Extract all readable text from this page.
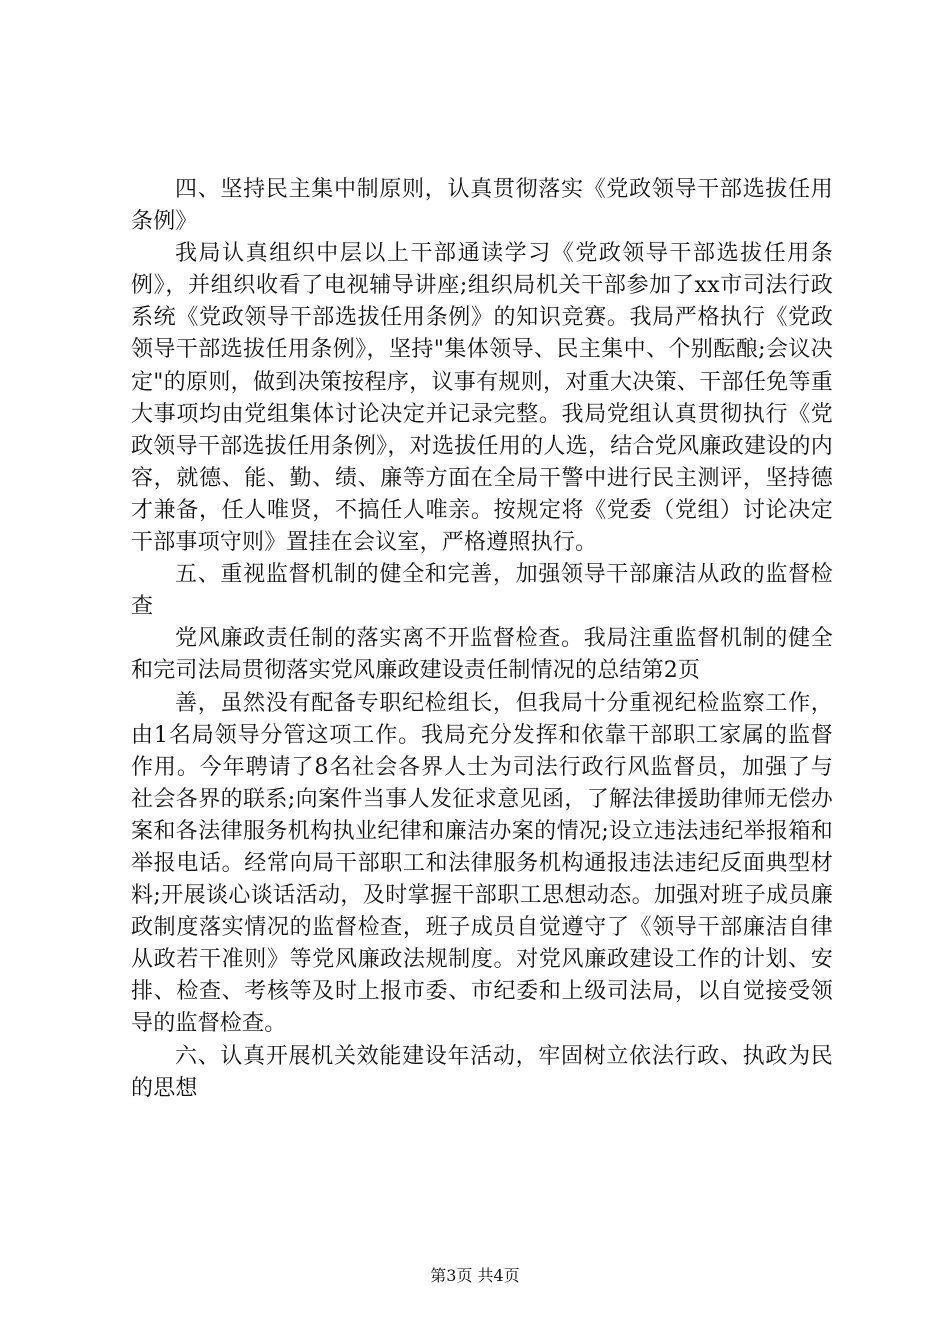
四、坚持民主集中制原则，认真贯彻落实《党政领导干部选拔任用条例》

我局认真组织中层以上干部通读学习《党政领导干部选拔任用条例》，并组织收看了电视辅导讲座;组织局机关干部参加了xx市司法行政系统《党政领导干部选拔任用条例》的知识竞赛。我局严格执行《党政领导干部选拔任用条例》，坚持"集体领导、民主集中、个别酝酿;会议决定"的原则，做到决策按程序，议事有规则，对重大决策、干部任免等重大事项均由党组集体讨论决定并记录完整。我局党组认真贯彻执行《党政领导干部选拔任用条例》，对选拔任用的人选，结合党风廉政建设的内容，就德、能、勤、绩、廉等方面在全局干警中进行民主测评，坚持德才兼备，任人唯贤，不搞任人唯亲。按规定将《党委（党组）讨论决定干部事项守则》置挂在会议室，严格遵照执行。

五、重视监督机制的健全和完善，加强领导干部廉洁从政的监督检查

党风廉政责任制的落实离不开监督检查。我局注重监督机制的健全和完司法局贯彻落实党风廉政建设责任制情况的总结第2页

善，虽然没有配备专职纪检组长，但我局十分重视纪检监察工作，由1名局领导分管这项工作。我局充分发挥和依靠干部职工家属的监督作用。今年聘请了8名社会各界人士为司法行政行风监督员，加强了与社会各界的联系;向案件当事人发征求意见函，了解法律援助律师无偿办案和各法律服务机构执业纪律和廉洁办案的情况;设立违法违纪举报箱和举报电话。经常向局干部职工和法律服务机构通报违法违纪反面典型材料;开展谈心谈话活动，及时掌握干部职工思想动态。加强对班子成员廉政制度落实情况的监督检查，班子成员自觉遵守了《领导干部廉洁自律从政若干准则》等党风廉政法规制度。对党风廉政建设工作的计划、安排、检查、考核等及时上报市委、市纪委和上级司法局，以自觉接受领导的监督检查。

六、认真开展机关效能建设年活动，牢固树立依法行政、执政为民的思想

第3页 共4页
